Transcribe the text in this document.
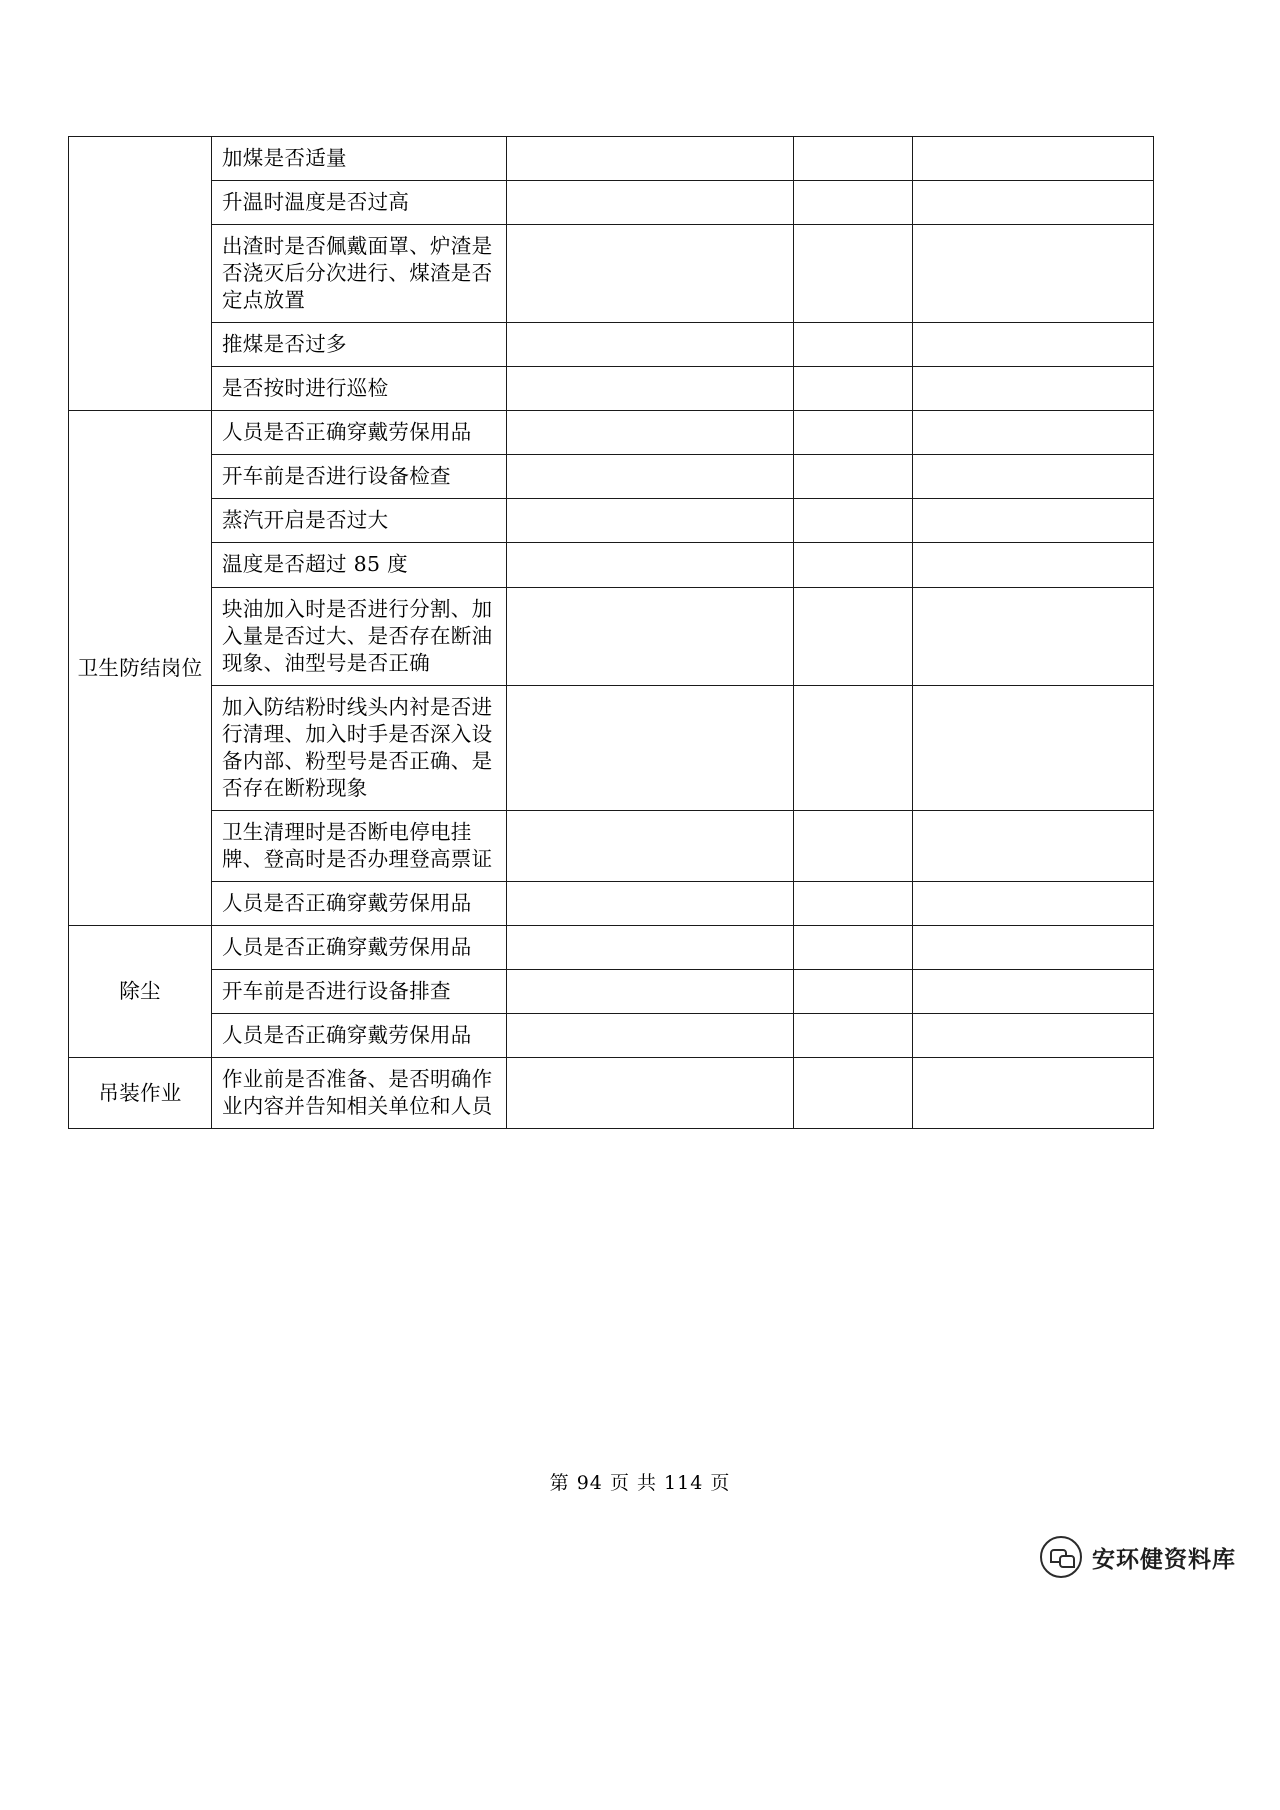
	加煤是否适量			

	升温时温度是否过高			

	出渣时是否佩戴面罩、炉渣是否浇灭后分次进行、煤渣是否定点放置			

	推煤是否过多			

	是否按时进行巡检			

卫生防结岗位	人员是否正确穿戴劳保用品			

	开车前是否进行设备检查			

	蒸汽开启是否过大			

	温度是否超过 85 度			

	块油加入时是否进行分割、加入量是否过大、是否存在断油现象、油型号是否正确			

	加入防结粉时线头内衬是否进行清理、加入时手是否深入设备内部、粉型号是否正确、是否存在断粉现象			

	卫生清理时是否断电停电挂牌、登高时是否办理登高票证			

	人员是否正确穿戴劳保用品			

除尘	人员是否正确穿戴劳保用品			

	开车前是否进行设备排查			

	人员是否正确穿戴劳保用品			

吊装作业	作业前是否准备、是否明确作业内容并告知相关单位和人员			

第 94 页 共 114 页
安环健资料库
